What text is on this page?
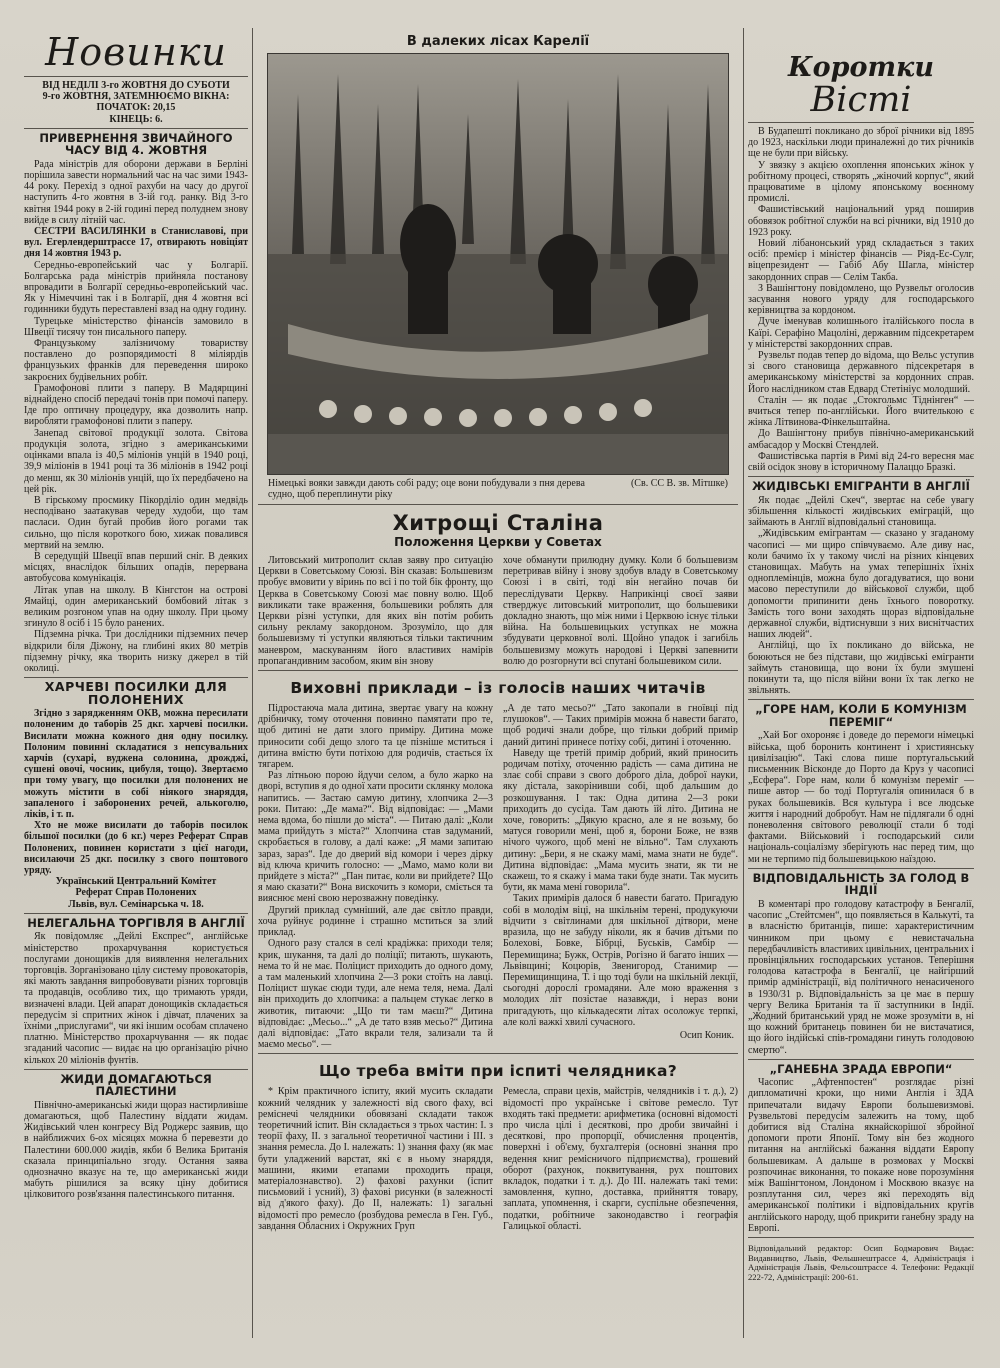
Новинки

ВІД НЕДІЛІ 3-го ЖОВТНЯ ДО СУБОТИ

9-го ЖОВТНЯ, ЗАТЕМНЮЄМО ВІКНА:

ПОЧАТОК: 20,15

КІНЕЦЬ: 6.

ПРИВЕРНЕННЯ ЗВИЧАЙНОГО ЧАСУ ВІД 4. ЖОВТНЯ

Рада міністрів для оборони держави в Берліні порішила завести нормальний час на час зими 1943-44 року. Перехід з одної рахуби на часу до другої наступить 4-го жовтня в 3-ій год. ранку. Від 3-го квітня 1944 року в 2-ій годині перед полуднем знову вийде в силу літній час.

СЕСТРИ ВАСИЛЯНКИ в Станиславові, при вул. Егерлендерштрассе 17, отвирають новіціят дня 14 жовтня 1943 р.

Середньо-европейський час у Болгарії. Болгарська рада міністрів прийняла постанову впровадити в Болгарії середньо-европейський час. Як у Німеччині так і в Болгарії, дня 4 жовтня всі годинники будуть переставлені взад на одну годину.

Турецьке міністерство фінансів замовило в Швеції тисячу тон писального паперу.

Французькому залізничому товариству поставлено до розпорядимості 8 міліярдів французьких франків для переведення широко закроєних будівельних робіт.

Грамофонові плити з паперу. В Мадярщині віднайдено спосіб передачі тонів при помочі паперу. Іде про оптичну процедуру, яка дозволить напр. виробляти грамофонові плити з паперу.

Занепад світової продукції золота. Світова продукція золота, згідно з американськими оцінками впала із 40,5 міліонів унцій в 1940 році, 39,9 міліонів в 1941 році та 36 міліонів в 1942 році до менш, як 30 міліонів унцій, що їх передбачено на цей рік.

В гірському просмику Пікорділіо один медвідь несподівано заатакував череду худоби, що там пасласи. Один бугай пробив його рогами так сильно, що після короткого бою, хижак повалився мертвий на землю.

В середущій Швеції впав перший сніг. В деяких місцях, внаслідок більших опадів, перервана автобусова комунікація.

Літак упав на школу. В Кінгстон на острові Ямайці, один американський бомбовий літак з великим розгоном упав на одну школу. При цьому згинуло 8 осіб і 15 було ранених.

Підземна річка. Три дослідники підземних печер відкрили біля Діжону, на глибині яких 80 метрів підземну річку, яка творить низку джерел в тій околиці.

ХАРЧЕВІ ПОСИЛКИ ДЛЯ ПОЛОНЕНИХ

Згідно з зарядженням ОКВ, можна пересилати полоненим до таборів 25 дкг. харчеві посилки. Висилати можна кожного дня одну посилку. Полоним повинні складатися з непсувальних харчів (сухарі, вуджена солонина, дрожджі, сушені овочі, чосник, цибуля, тощо). Звертаємо при тому увагу, що посилки для полонених не можуть містити в собі ніякого знаряддя, запаленого і заборонених речей, алькоголю, ліків, і т. п.

Хто не може висилати до таборів посилок більшої посилки (до 6 кг.) через Реферат Справ Полонених, повинен користати з цієї нагоди, висилаючи 25 дкг. посилку з свого поштового уряду.

Український Центральний Комітет

Реферат Справ Полонених

Львів, вул. Семінарська ч. 18.

НЕЛЕГАЛЬНА ТОРГІВЛЯ В АНГЛІЇ

Як повідомляє „Дейлі Експрес“, англійське міністерство прохарчування користується послугами донощиків для виявлення нелегальних торговців. Зорганізовано цілу систему провокаторів, які мають завдання випробовувати різних торговців та продавців, особливо тих, що тримають уряди, визначені влади. Цей апарат донощиків складається передусім зі спритних жінок і дівчат, плачених за їхніми „прислугами“, чи які іншим особам сплачено платню. Міністерство прохарчування — як подає згаданий часопис — видає на цю організацію річно кількох 20 міліонів фунтів.

ЖИДИ ДОМАГАЮТЬСЯ ПАЛЕСТИНИ

Північно-американські жиди щораз настирливіше домагаються, щоб Палестину віддати жидам. Жидівський член конгресу Від Роджерс заявив, що в найближчих 6-ох місяцях можна б перевезти до Палестини 600.000 жидів, якби б Велика Британія сказала принципіально згоду. Остання заява однозначно вказує на те, що американські жиди мабуть рішилися за всяку ціну добитися цілковитого розв'язання палестинського питання.

В далеких лісах Карелії
Німецькі вояки завжди дають собі раду; оце вони побудували з пня дерева судно, щоб переплинути ріку
(Св. СС В. зв. Мітшке)
Хитрощі Сталіна
Положення Церкви у Советах

Литовський митрополит склав заяву про ситуацію Церкви в Советському Союзі. Він сказав: Большевизм пробує вмовити у віринь по всі і по той бік фронту, що Церква в Советському Союзі має повну волю. Щоб викликати таке враження, большевики роблять для Церкви різні уступки, для яких він потім робить сильну рекламу закордоном. Зрозуміло, що для большевизму ті уступки являються тільки тактичним маневром, маскуванням його властивих намірів пропагандивним засобом, яким він знову

хоче обманути прилюдну думку. Коли б большевизм перетривав війну і знову здобув владу в Советському Союзі і в світі, тоді він негайно почав би переслідувати Церкву. Наприкінці своєї заяви стверджує литовський митрополит, що большевики докладно знають, що між ними і Церквою існує тільки війна. На большевицьких уступках не можна збудувати церковної волі. Щойно упадок і загибіль большевизму можуть народові і Церкві запевнити волю до розгорнути всі спутані большевиком сили.

Виховні приклади – із голосів наших читачів

Підростаюча мала дитина, звертає увагу на кожну дрібничку, тому оточення повинно памятати про те, щоб дитині не дати злого приміру. Дитина може приносити собі дещо злого та це пізніше мститься і дитина вмістю бути потіхою для родичів, стається їх тягарем.

Раз літньою порою йдучи селом, а було жарко на дворі, вступив я до одної хати просити склянку молока напитись. — Застаю самую дитину, хлопчика 2—3 роки. Питаю: „Де мама?“. Від відповідає: — „Мами нема вдома, бо пішли до міста“. — Питаю далі: „Коли мама прийдуть з міста?“ Хлопчина став задуманий, скробається в голову, а далі каже: „Я мами запитаю зараз, зараз“. Іде до дверий від комори і через дірку від ключа кричить голосно: — „Мамо, мамо коли ви прийдете з міста?“ „Пан питає, коли ви прийдете? Що я маю сказати?“ Вона вискочить з комори, сміється та вияснює мені свою нерозважну поведінку.

Другий приклад сумніший, але дає світло правди, хоча руйнує родинне і страшно мститься за злий приклад.

Одного разу стался в селі крадіжка: приходи теля; крик, шукання, та далі до поліції; питають, шукають, нема то й не має. Поліцист приходить до одного дому, а там маленький хлопчина 2—3 роки стоїть на лавці. Поліцист шукає сюди туди, але нема теля, нема. Далі він приходить до хлопчика: а пальцем стукає легко в животик, питаючи: „Що ти там маєш?“ Дитина відповідає: „Месьо...“ „А де тато взяв месьо?“ Дитина далі відповідає: „Тато вкрали теля, зализали та й маємо месьо“. —

„А де тато месьо?“ „Тато закопали в гноївці під глушоков“. — Таких примірів можна б навести багато, щоб родичі знали добре, що тільки добрий примір даний дитині принесе потіху собі, дитині і оточенню.

Наведу ще третій примір добрий, який приносить родичам потіху, оточенню радість — сама дитина не злає собі справи з свого доброго діла, доброї науки, яку дістала, закорінивши собі, щоб дальшим до розкошування. І так: Одна дитина 2—3 роки приходить до сусіда. Там дають їй літо. Дитина не хоче, говорить: „Дякую красно, але я не возьму, бо матуся говорили мені, щоб я, борони Боже, не взяв нічого чужого, щоб мені не вільно“. Там слухають дитину: „Бери, я не скажу мамі, мама знати не буде“. Дитина відповідає: „Мама мусить знати, як ти не скажеш, то я скажу і мама таки буде знати. Так мусить бути, як мама мені говорила“.

Таких примірів далося б навести багато. Пригадую собі в молодім віці, на шкільнім терені, продукуючи відчити з світлинами для шкільної дітвори, мене вразила, що не забуду ніколи, як я бачив дітьми по Болехові, Бовке, Бібрці, Буськів, Самбір — Перемищина; Бужк, Острів, Рогізно й багато інших — Львівщині; Коцюрів, Звенигород, Станимир — Перемищинщина, Т. і що тоді були на шкільній лекції, сьогодні дорослі громадяни. Але мою враження з молодих літ позістае назавжди, і нераз вони пригадують, що кількадесяти літах осоложує терпкі, але колі важкі хвилі сучасного.

Осип Коник.

Що треба вміти при іспиті челядника?

* Крім практичного іспиту, який мусить складати кожний челядник у залежності від свого фаху, всі реміснечі челядники обовязані складати також теоретичний іспит. Він складається з трьох частин: І. з теорії фаху, ІІ. з загальної теоретичної частини і ІІІ. з знання ремесла. До І. належать: 1) знання фаху (як має бути уладжений варстат, які є в ньому знаряддя, машини, якими етапами проходить праця, матеріалознавство). 2) фахові рахунки (іспит письмовий і усний), 3) фахові рисунки (в залежності від д'якого фаху). До ІІ, належать: 1) загальні відомості про ремесло (розбудова ремесла в Ген. Губ., завдання Обласних і Окружних Груп

Ремесла, справи цехів, майстрів, челядників і т. д.), 2) відомості про українське і світове ремесло. Тут входять такі предмети: арифметика (основні відомості про числа цілі і десяткові, про дроби звичайні і десяткові, про пропорції, обчислення процентів, поверхні і об'єму, бухгалтерія (основні знання про ведення книг ремісничого підприємства), грошевий оборот (рахунок, поквитування, рух поштових вкладок, податки і т. д.). До ІІІ. належать такі теми: замовлення, купно, доставка, прийняття товару, заплата, упомнення, і скарги, суспільне обезпечення, податки, робітниче законодавство і географія Галицької області.

Коротки
Вісті

В Будапешті покликано до зброї річники від 1895 до 1923, наскільки люди приналежні до тих річників ще не були при війську.

У звязку з акцією охоплення японських жінок у робітному процесі, створять „жіночий корпус“, який працюватиме в цілому японському воєнному промислі.

Фашистівський національний уряд поширив обовязок робітної служби на всі річники, від 1910 до 1923 року.

Новий лібанонський уряд складається з таких осіб: премієр і міністер фінансів — Ріяд-Ес-Сулг, віцепрезидент — Габіб Абу Шагла, міністер закордонних справ — Селім Такба.

З Вашінгтону повідомлено, що Рузвельт оголосив засування нового уряду для господарського керівництва за кордоном.

Дуче іменував колишнього італійського посла в Каїрі. Серафіно Мацоліні, державним підсекретарем у міністерстві закордонних справ.

Рузвельт подав тепер до відома, що Вельс уступив зі свого становища державного підсекретаря в американському міністерстві за кордонних справ. Його наслідником став Едвард Стетініус молодший.

Сталін — як подає „Стокгольмс Тіднінген“ — вчиться тепер по-англійськи. Його вчителькою є жінка Літвинова-Фінкельштайна.

До Вашінгтону прибув північно-американський амбасадор у Москві Стендлей.

Фашистівська партія в Римі від 24-го вересня має свій осідок знову в історичному Палаццо Бразкі.

ЖИДІВСЬКІ ЕМІГРАНТИ В АНГЛІЇ

Як подає „Дейлі Скеч“, звертає на себе увагу збільшення кількості жидівських еміграцій, що займають в Англії відповідальні становища.

„Жидівським емігрантам — сказано у згаданому часописі — ми щиро співчуваємо. Але диву нас, коли бачимо їх у такому числі на різних кінцевих становищах. Мабуть на умах теперішніх їхніх одноплемінців, можна було догадуватися, що вони масово переступили до військової служби, щоб допомогти припинити день їхнього поворотку. Замість того вони заходять щораз відповідальне державної служби, відтиснувши з них виснітчастих наших людей“.

Англійці, що їх покликано до війська, не боюються не без підстави, що жидівські емігранти займуть становища, що вони їх були змушені покинути та, що після війни вони їх так легко не звільнять.

„ГОРЕ НАМ, КОЛИ Б КОМУНІЗМ ПЕРЕМІГ“

„Хай Бог охороняє і доведе до перемоги німецькі війська, щоб боронить континент і християнську цивілізацію“. Такі слова пише португальський письменник Вісконде до Порто да Круз у часописі „Есфера“. Горе нам, коли б комунізм переміг — пише автор — бо тоді Португалія опинилася б в руках большевиків. Вся культура і все людське життя і народний добробут. Нам не підлягали б одні поневолення світового революції стали б тоді фактами. Військовий і господарський сили національ-соціалізму зберігують нас перед тим, що ми не терпимо під большевицькою наїздою.

ВІДПОВІДАЛЬНІСТЬ ЗА ГОЛОД В ІНДІЇ

В коментарі про голодову катастрофу в Бенгалії, часопис „Стейтсмен“, що появляється в Калькуті, та в власністю британців, пише: характеристичним чинником при цьому є невистачальна передбачливість властивих цивільних, центральних і провінціяльних господарських установ. Теперішня голодова катастрофа в Бенгалії, це найгірший примір адміністрації, від політичного ненасиченого в 1930/31 р. Відповідальність за це має в першу чергу Велика Британія та її заступники в Індії. „Жодний британський уряд не може зрозуміти в, ні що кожний британець повинен би не вистачатися, що його індійські спів-громадяни гинуть голодовою смертю“.

„ГАНЕБНА ЗРАДА ЕВРОПИ“

Часопис „Афтенпостен“ розглядає різні дипломатичні кроки, що ними Англія і ЗДА припечатали видачу Европи большевизмові. Рузвельтові передусім залежить на тому, щоб добитися від Сталіна якнайскорішої збройної допомоги проти Японії. Тому він без жодного питання на англійські бажання віддати Европу большевикам. А дальше в розмовах у Москві розпочинає виконання, то покаже нове порозуміння між Вашінгтоном, Лондоном і Москвою вказує на розплутання сил, через які переходять від американської політики і відповідальних кругів англійського народу, щоб прикрити ганебну зраду на Европі.

Відповідальний редактор: Осип Бодмарович Видає: Видавництво, Львів, Фельшнештрассе 4, Адміністрація і Адміністрація Львів, Фельсоштрассе 4. Телефони: Редакції 222-72, Адміністрації: 200-61.
